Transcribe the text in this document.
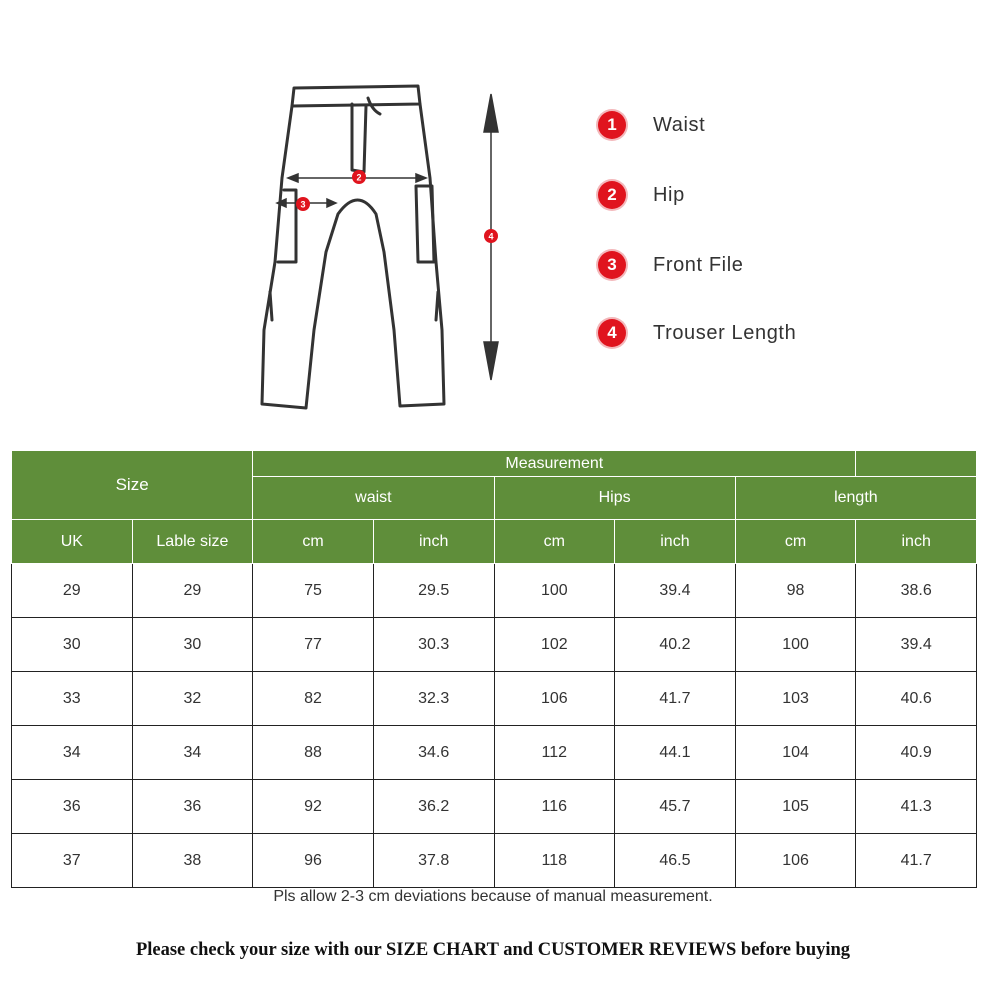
2
3
4
1	Waist
2	Hip
3	Front File
4	Trouser Length
Size		Measurement					
		waist		Hips		length	
UK	Lable size	cm	inch	cm	inch	cm	inch
29	29	75	29.5	100	39.4	98	38.6
30	30	77	30.3	102	40.2	100	39.4
33	32	82	32.3	106	41.7	103	40.6
34	34	88	34.6	112	44.1	104	40.9
36	36	92	36.2	116	45.7	105	41.3
37	38	96	37.8	118	46.5	106	41.7
Pls allow 2-3 cm deviations because of manual measurement.
Please check your size with our SIZE CHART and CUSTOMER REVIEWS before buying
